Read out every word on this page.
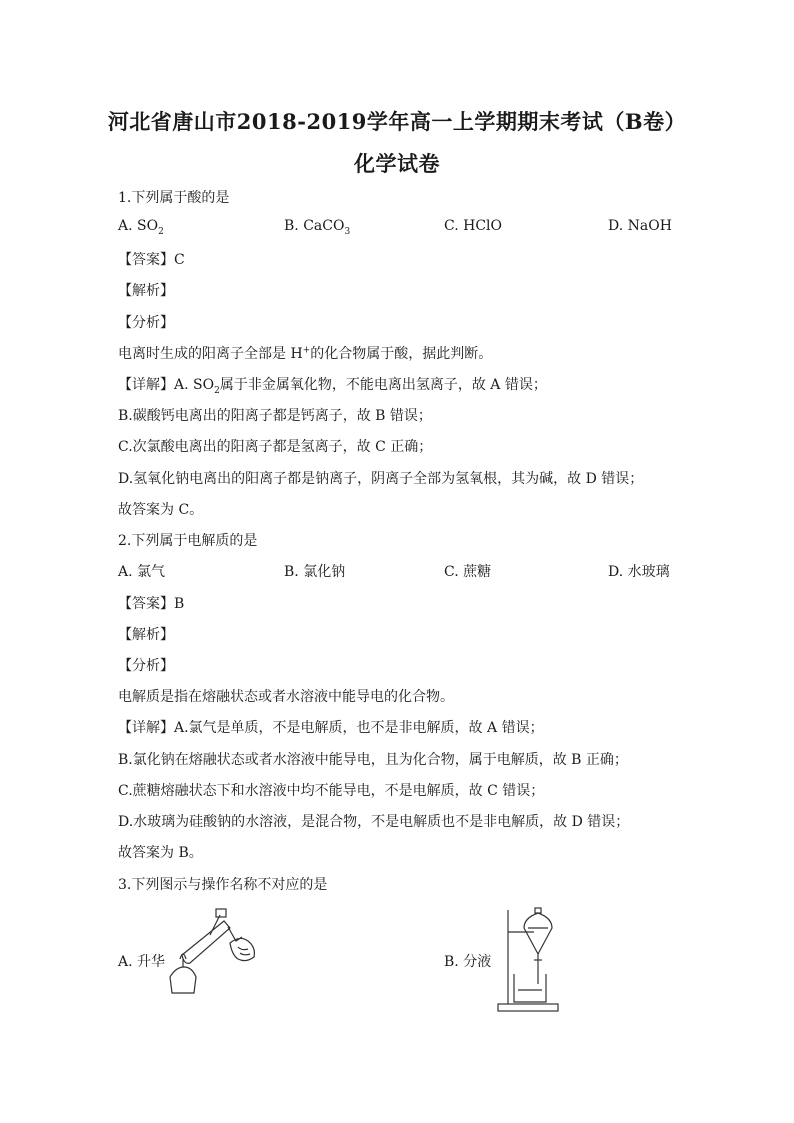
河北省唐山市2018-2019学年高一上学期期末考试（B卷）
化学试卷
1.下列属于酸的是
A. $SO_2$	B. CaCO$_3$	C. HClO	D. NaOH
【答案】C
【解析】
【分析】
电离时生成的阳离子全部是 H+的化合物属于酸，据此判断。
【详解】A. $SO_2$属于非金属氧化物，不能电离出氢离子，故 A 错误；
B.碳酸钙电离出的阳离子都是钙离子，故 B 错误；
C.次氯酸电离出的阳离子都是氢离子，故 C 正确；
D.氢氧化钠电离出的阳离子都是钠离子，阴离子全部为氢氧根，其为碱，故 D 错误；
故答案为 C。
2.下列属于电解质的是
A. 氯气	B. 氯化钠	C. 蔗糖	D. 水玻璃
【答案】B
【解析】
【分析】
电解质是指在熔融状态或者水溶液中能导电的化合物。
【详解】A.氯气是单质，不是电解质，也不是非电解质，故 A 错误；
B.氯化钠在熔融状态或者水溶液中能导电，且为化合物，属于电解质，故 B 正确；
C.蔗糖熔融状态下和水溶液中均不能导电，不是电解质，故 C 错误；
D.水玻璃为硅酸钠的水溶液，是混合物，不是电解质也不是非电解质，故 D 错误；
故答案为 B。
3.下列图示与操作名称不对应的是
A. 升华	B. 分液
